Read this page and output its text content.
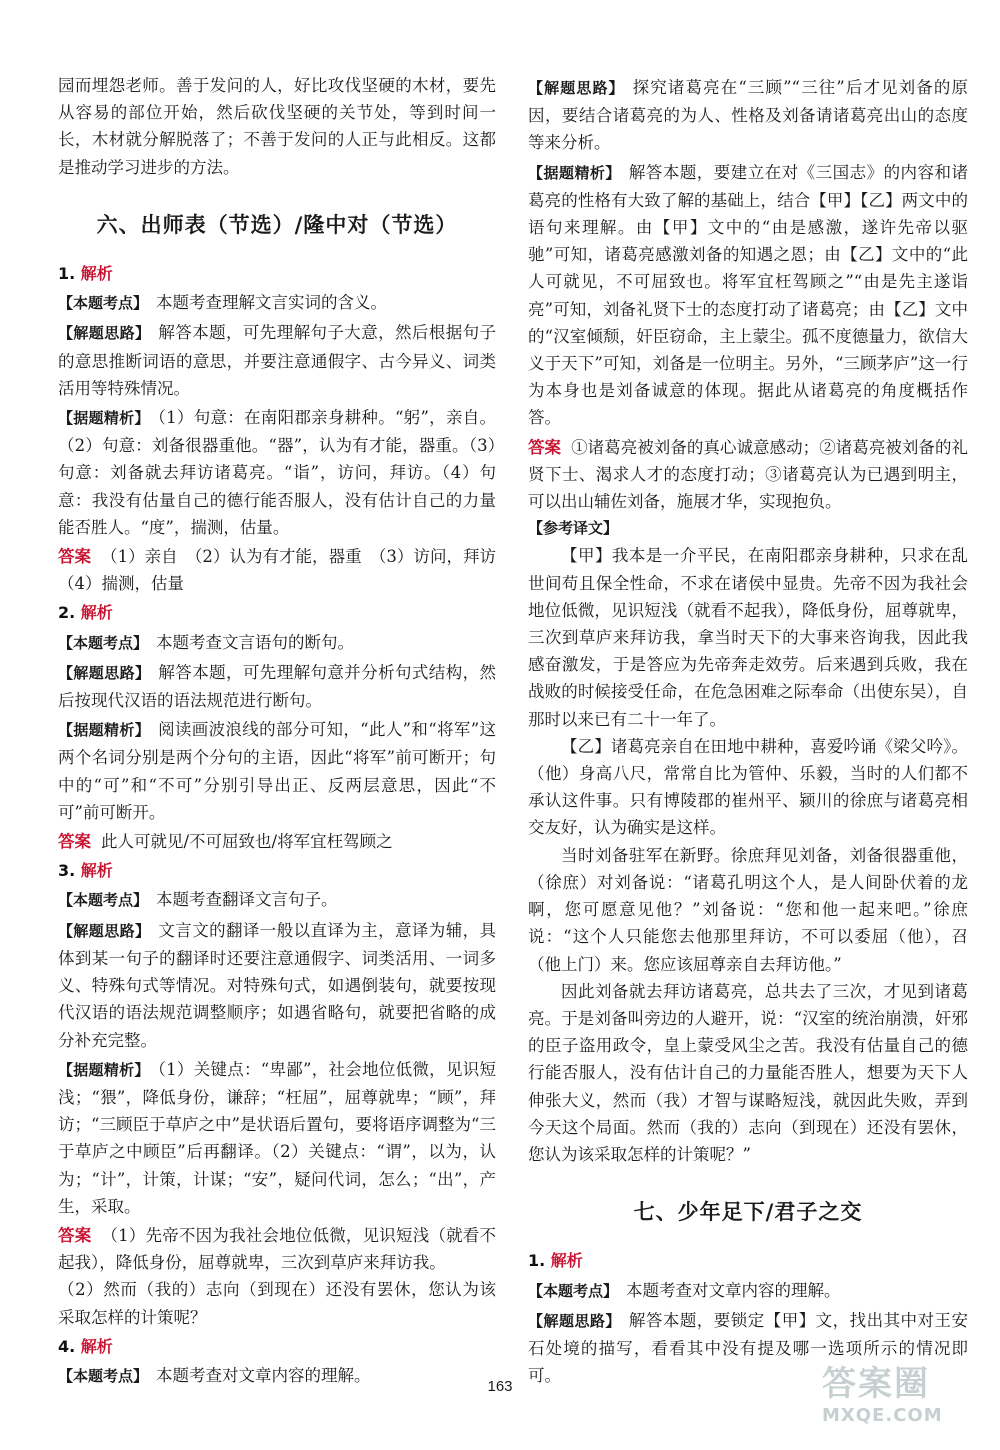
园而埋怨老师。善于发问的人，好比攻伐坚硬的木材，要先从容易的部位开始，然后砍伐坚硬的关节处，等到时间一长，木材就分解脱落了；不善于发问的人正与此相反。这都是推动学习进步的方法。

六、出师表（节选）/隆中对（节选）
1. 解析

【本题考点】 本题考查理解文言实词的含义。

【解题思路】 解答本题，可先理解句子大意，然后根据句子的意思推断词语的意思，并要注意通假字、古今异义、词类活用等特殊情况。

【据题精析】 （1）句意：在南阳郡亲身耕种。“躬”，亲自。（2）句意：刘备很器重他。“器”，认为有才能，器重。（3）句意：刘备就去拜访诸葛亮。“诣”，访问，拜访。（4）句意：我没有估量自己的德行能否服人，没有估计自己的力量能否胜人。“度”，揣测，估量。

答案 （1）亲自　（2）认为有才能，器重　（3）访问，拜访　（4）揣测，估量

2. 解析

【本题考点】 本题考查文言语句的断句。

【解题思路】 解答本题，可先理解句意并分析句式结构，然后按现代汉语的语法规范进行断句。

【据题精析】 阅读画波浪线的部分可知，“此人”和“将军”这两个名词分别是两个分句的主语，因此“将军”前可断开；句中的“可”和“不可”分别引导出正、反两层意思，因此“不可”前可断开。

答案 此人可就见/不可屈致也/将军宜枉驾顾之

3. 解析

【本题考点】 本题考查翻译文言句子。

【解题思路】 文言文的翻译一般以直译为主，意译为辅，具体到某一句子的翻译时还要注意通假字、词类活用、一词多义、特殊句式等情况。对特殊句式，如遇倒装句，就要按现代汉语的语法规范调整顺序；如遇省略句，就要把省略的成分补充完整。

【据题精析】 （1）关键点：“卑鄙”，社会地位低微，见识短浅；“猥”，降低身份，谦辞；“枉屈”，屈尊就卑；“顾”，拜访；“三顾臣于草庐之中”是状语后置句，要将语序调整为“三于草庐之中顾臣”后再翻译。（2）关键点：“谓”，以为，认为；“计”，计策，计谋；“安”，疑问代词，怎么；“出”，产生，采取。

答案 （1）先帝不因为我社会地位低微，见识短浅（就看不起我），降低身份，屈尊就卑，三次到草庐来拜访我。

（2）然而（我的）志向（到现在）还没有罢休，您认为该采取怎样的计策呢？

4. 解析

【本题考点】 本题考查对文章内容的理解。

【解题思路】 探究诸葛亮在“三顾”“三往”后才见刘备的原因，要结合诸葛亮的为人、性格及刘备请诸葛亮出山的态度等来分析。

【据题精析】 解答本题，要建立在对《三国志》的内容和诸葛亮的性格有大致了解的基础上，结合【甲】【乙】两文中的语句来理解。由【甲】文中的“由是感激，遂许先帝以驱驰”可知，诸葛亮感激刘备的知遇之恩；由【乙】文中的“此人可就见，不可屈致也。将军宜枉驾顾之”“由是先主遂诣亮”可知，刘备礼贤下士的态度打动了诸葛亮；由【乙】文中的“汉室倾颓，奸臣窃命，主上蒙尘。孤不度德量力，欲信大义于天下”可知，刘备是一位明主。另外，“三顾茅庐”这一行为本身也是刘备诚意的体现。据此从诸葛亮的角度概括作答。

答案 ①诸葛亮被刘备的真心诚意感动；②诸葛亮被刘备的礼贤下士、渴求人才的态度打动；③诸葛亮认为已遇到明主，可以出山辅佐刘备，施展才华，实现抱负。

【参考译文】

【甲】我本是一介平民，在南阳郡亲身耕种，只求在乱世间苟且保全性命，不求在诸侯中显贵。先帝不因为我社会地位低微，见识短浅（就看不起我），降低身份，屈尊就卑，三次到草庐来拜访我，拿当时天下的大事来咨询我，因此我感奋激发，于是答应为先帝奔走效劳。后来遇到兵败，我在战败的时候接受任命，在危急困难之际奉命（出使东吴），自那时以来已有二十一年了。

【乙】诸葛亮亲自在田地中耕种，喜爱吟诵《梁父吟》。（他）身高八尺，常常自比为管仲、乐毅，当时的人们都不承认这件事。只有博陵郡的崔州平、颍川的徐庶与诸葛亮相交友好，认为确实是这样。

当时刘备驻军在新野。徐庶拜见刘备，刘备很器重他，（徐庶）对刘备说：“诸葛孔明这个人，是人间卧伏着的龙啊，您可愿意见他？”刘备说：“您和他一起来吧。”徐庶说：“这个人只能您去他那里拜访，不可以委屈（他），召（他上门）来。您应该屈尊亲自去拜访他。”

因此刘备就去拜访诸葛亮，总共去了三次，才见到诸葛亮。于是刘备叫旁边的人避开，说：“汉室的统治崩溃，奸邪的臣子盗用政令，皇上蒙受风尘之苦。我没有估量自己的德行能否服人，没有估计自己的力量能否胜人，想要为天下人伸张大义，然而（我）才智与谋略短浅，就因此失败，弄到今天这个局面。然而（我的）志向（到现在）还没有罢休，您认为该采取怎样的计策呢？”

七、少年足下/君子之交
1. 解析

【本题考点】 本题考查对文章内容的理解。

【解题思路】 解答本题，要锁定【甲】文，找出其中对王安石处境的描写，看看其中没有提及哪一选项所示的情况即可。

163	答案圈
MXQE.COM
